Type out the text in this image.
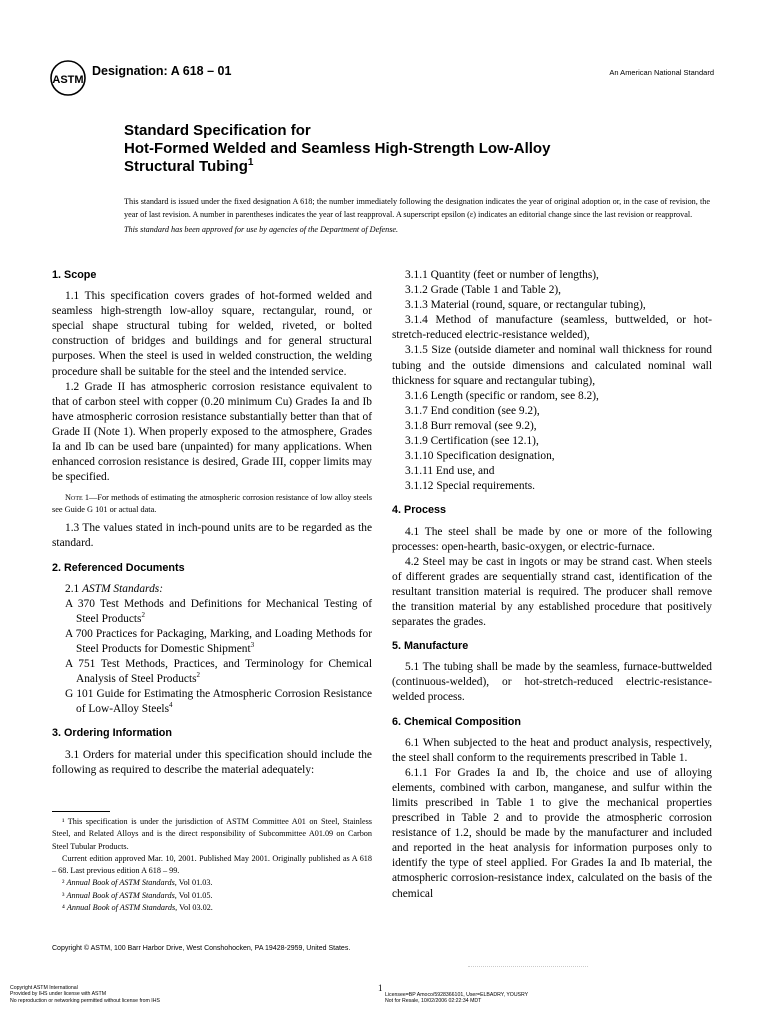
ASTM
Designation: A 618 – 01	An American National Standard
Standard Specification for
Hot-Formed Welded and Seamless High-Strength Low-Alloy
Structural Tubing$^1$

This standard is issued under the fixed designation A 618; the number immediately following the designation indicates the year of original adoption or, in the case of revision, the year of last revision. A number in parentheses indicates the year of last reapproval. A superscript epsilon (ε) indicates an editorial change since the last revision or reapproval.

This standard has been approved for use by agencies of the Department of Defense.

1. Scope

1.1 This specification covers grades of hot-formed welded and seamless high-strength low-alloy square, rectangular, round, or special shape structural tubing for welded, riveted, or bolted construction of bridges and buildings and for general structural purposes. When the steel is used in welded construction, the welding procedure shall be suitable for the steel and the intended service.

1.2 Grade II has atmospheric corrosion resistance equivalent to that of carbon steel with copper (0.20 minimum Cu) Grades Ia and Ib have atmospheric corrosion resistance substantially better than that of Grade II (Note 1). When properly exposed to the atmosphere, Grades Ia and Ib can be used bare (unpainted) for many applications. When enhanced corrosion resistance is desired, Grade III, copper limits may be specified.

Note 1—For methods of estimating the atmospheric corrosion resistance of low alloy steels see Guide G 101 or actual data.

1.3 The values stated in inch-pound units are to be regarded as the standard.

2. Referenced Documents

2.1 ASTM Standards:

A 370 Test Methods and Definitions for Mechanical Testing of Steel Products$^2$

A 700 Practices for Packaging, Marking, and Loading Methods for Steel Products for Domestic Shipment$^3$

A 751 Test Methods, Practices, and Terminology for Chemical Analysis of Steel Products$^2$

G 101 Guide for Estimating the Atmospheric Corrosion Resistance of Low-Alloy Steels$^4$

3. Ordering Information

3.1 Orders for material under this specification should include the following as required to describe the material adequately:

3.1.1 Quantity (feet or number of lengths),

3.1.2 Grade (Table 1 and Table 2),

3.1.3 Material (round, square, or rectangular tubing),

3.1.4 Method of manufacture (seamless, buttwelded, or hot-stretch-reduced electric-resistance welded),

3.1.5 Size (outside diameter and nominal wall thickness for round tubing and the outside dimensions and calculated nominal wall thickness for square and rectangular tubing),

3.1.6 Length (specific or random, see 8.2),

3.1.7 End condition (see 9.2),

3.1.8 Burr removal (see 9.2),

3.1.9 Certification (see 12.1),

3.1.10 Specification designation,

3.1.11 End use, and

3.1.12 Special requirements.

4. Process

4.1 The steel shall be made by one or more of the following processes: open-hearth, basic-oxygen, or electric-furnace.

4.2 Steel may be cast in ingots or may be strand cast. When steels of different grades are sequentially strand cast, identification of the resultant transition material is required. The producer shall remove the transition material by any established procedure that positively separates the grades.

5. Manufacture

5.1 The tubing shall be made by the seamless, furnace-buttwelded (continuous-welded), or hot-stretch-reduced electric-resistance-welded process.

6. Chemical Composition

6.1 When subjected to the heat and product analysis, respectively, the steel shall conform to the requirements prescribed in Table 1.

6.1.1 For Grades Ia and Ib, the choice and use of alloying elements, combined with carbon, manganese, and sulfur within the limits prescribed in Table 1 to give the mechanical properties prescribed in Table 2 and to provide the atmospheric corrosion resistance of 1.2, should be made by the manufacturer and included and reported in the heat analysis for information purposes only to identify the type of steel applied. For Grades Ia and Ib material, the atmospheric corrosion-resistance index, calculated on the basis of the chemical

¹ This specification is under the jurisdiction of ASTM Committee A01 on Steel, Stainless Steel, and Related Alloys and is the direct responsibility of Subcommittee A01.09 on Carbon Steel Tubular Products.

Current edition approved Mar. 10, 2001. Published May 2001. Originally published as A 618 – 68. Last previous edition A 618 – 99.

² Annual Book of ASTM Standards, Vol 01.03.

³ Annual Book of ASTM Standards, Vol 01.05.

⁴ Annual Book of ASTM Standards, Vol 03.02.

Copyright © ASTM, 100 Barr Harbor Drive, West Conshohocken, PA 19428-2959, United States.
1
Copyright ASTM International
Provided by IHS under license with ASTM
No reproduction or networking permitted without license from IHS
Licensee=BP Amoco/5928366101, User=ELBADRY, YOUSRY
Not for Resale, 10/02/2006 02:22:34 MDT
